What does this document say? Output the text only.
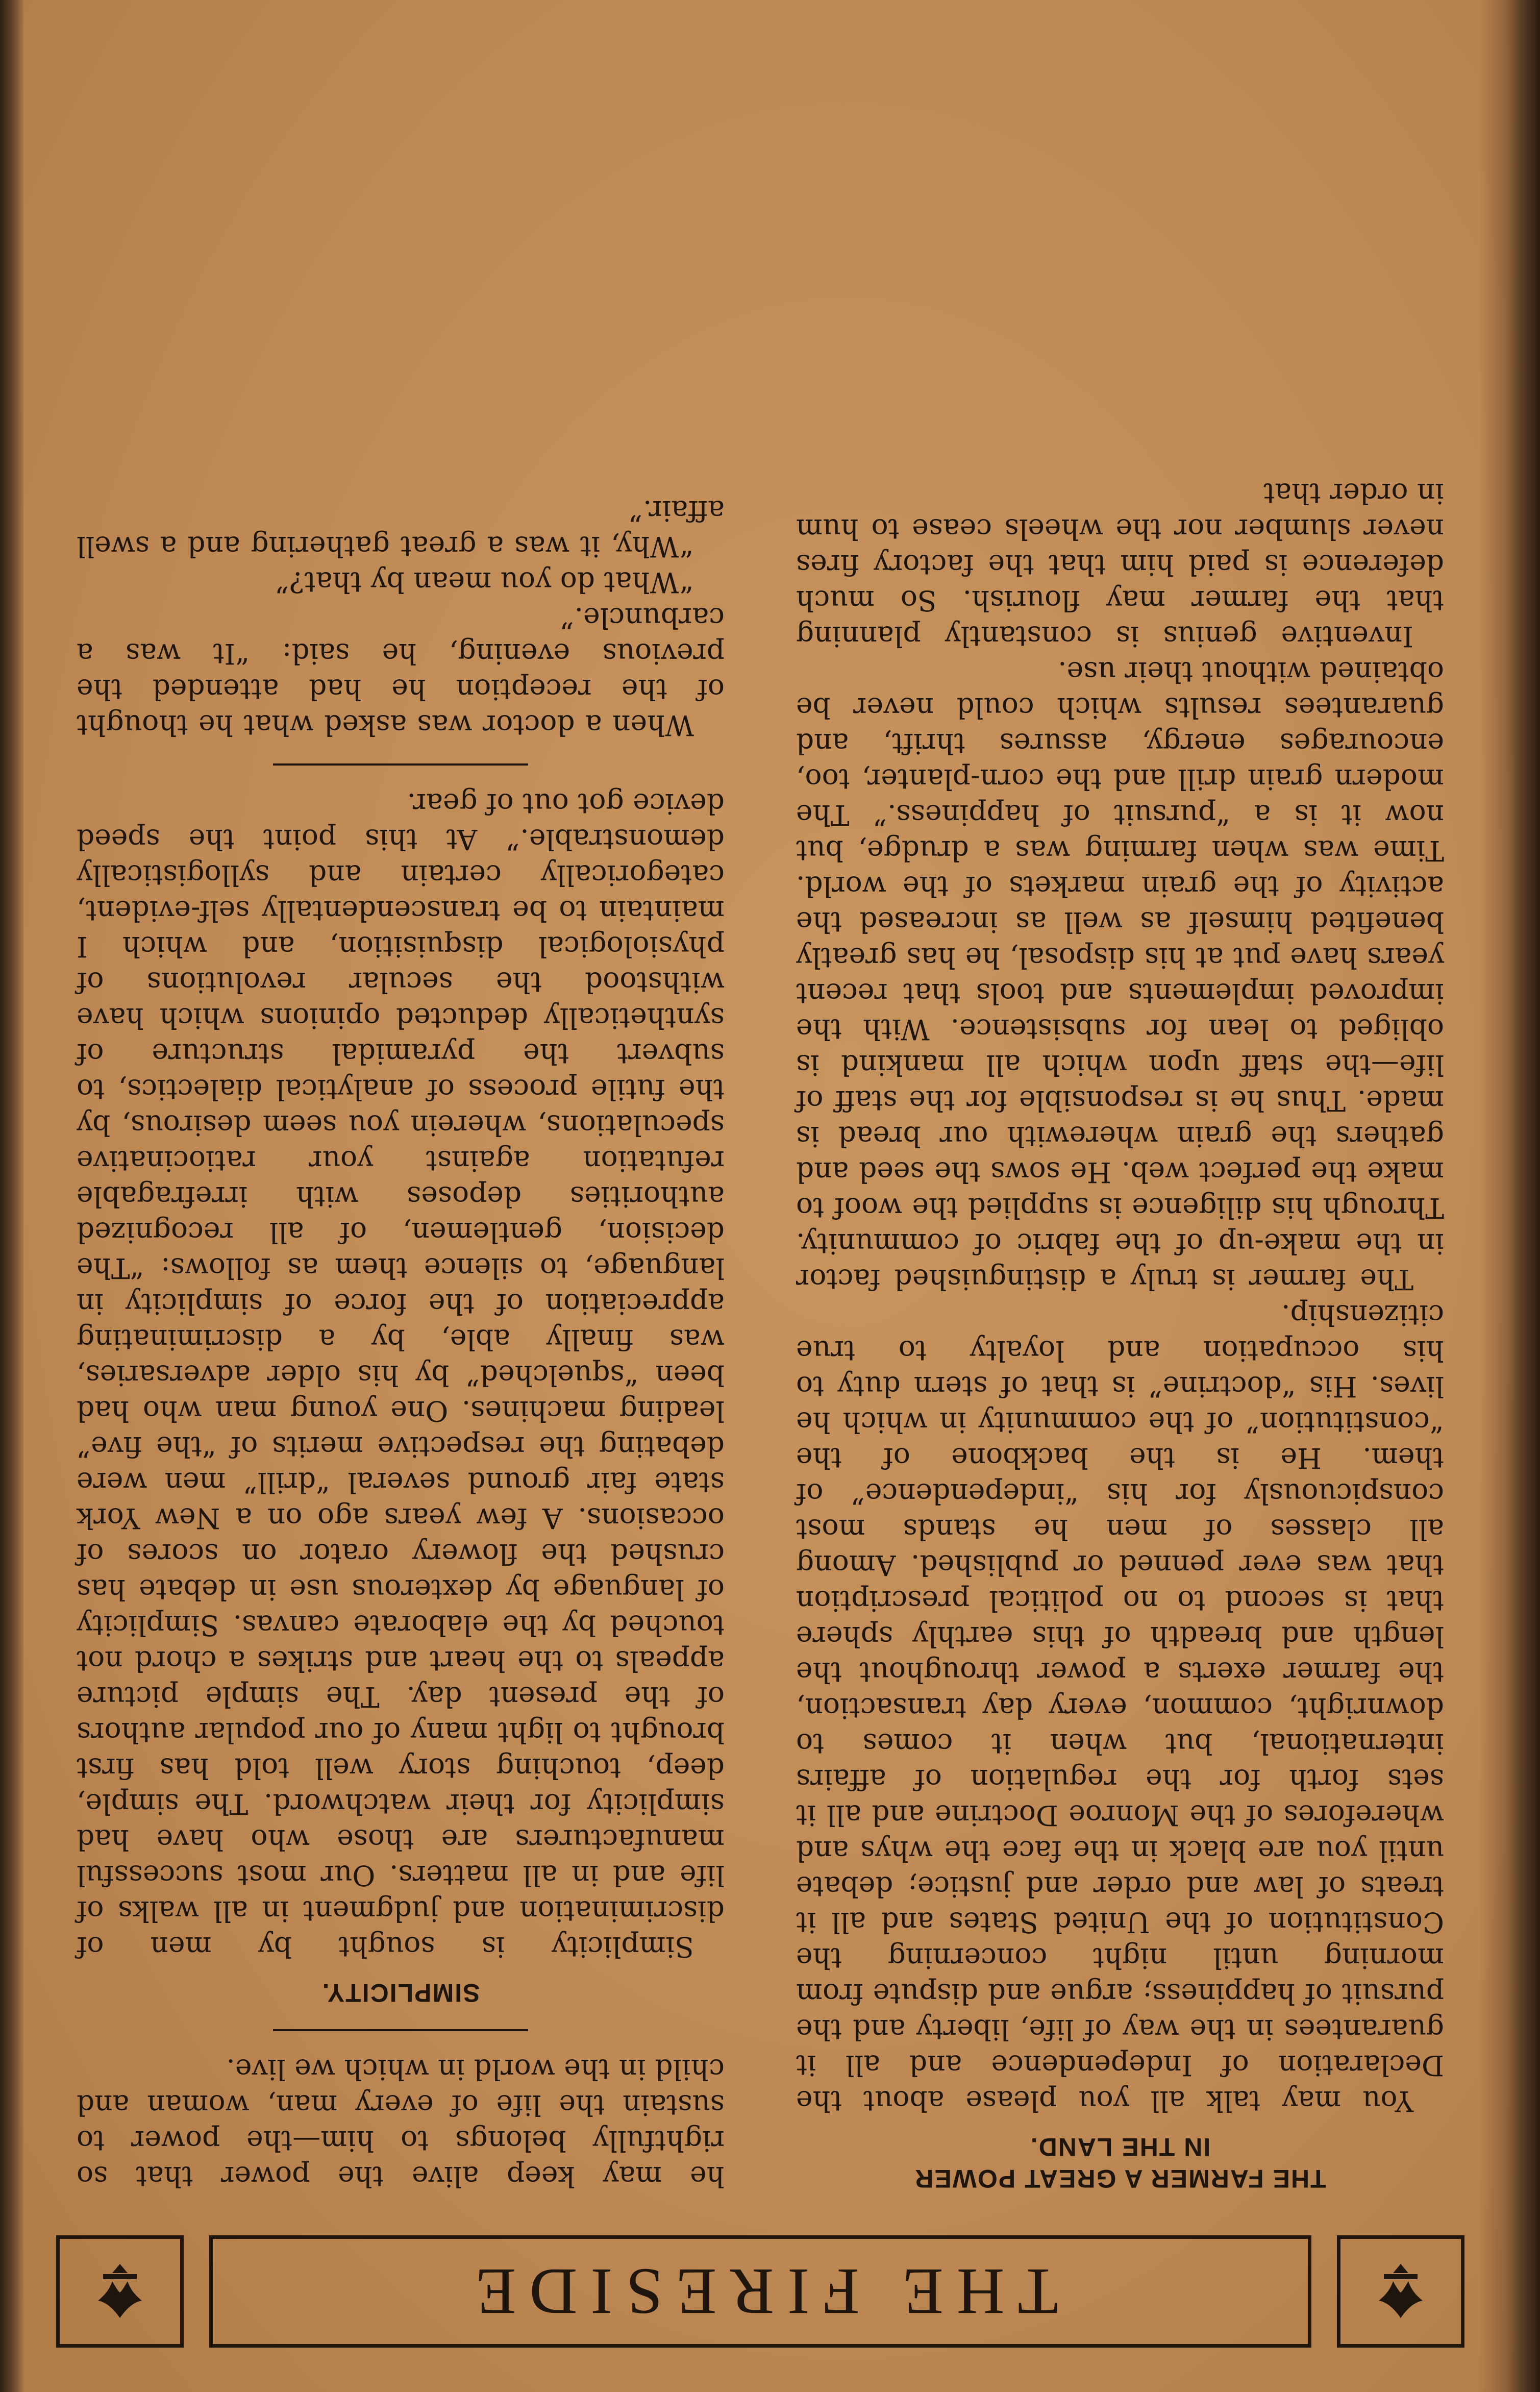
THE FIRESIDE
THE FARMER A GREAT POWER
IN THE LAND.

You may talk all you please about the Declaration of Independence and all it guarantees in the way of life, liberty and the pursuit of happiness; argue and dispute from morning until night concerning the Constitution of the United States and all it treats of law and order and justice; debate until you are black in the face the whys and wherefores of the Monroe Doctrine and all it sets forth for the regulation of affairs international, but when it comes to downright, common, every day transaction, the farmer exerts a power throughout the length and breadth of this earthly sphere that is second to no political prescription that was ever penned or published. Among all classes of men he stands most conspicuously for his “independence” of them. He is the backbone of the “constitution” of the community in which he lives. His “doctrine” is that of stern duty to his occupation and loyalty to true citizenship.

The farmer is truly a distinguished factor in the make-up of the fabric of community. Through his diligence is supplied the woof to make the perfect web. He sows the seed and gathers the grain wherewith our bread is made. Thus he is responsible for the staff of life—the staff upon which all mankind is obliged to lean for subsistence. With the improved implements and tools that recent years have put at his disposal, he has greatly benefited himself as well as increased the activity of the grain markets of the world. Time was when farming was a drudge, but now it is a “pursuit of happiness.” The modern grain drill and the corn-planter, too, encourages energy, assures thrift, and guarantees results which could never be obtained without their use.

Inventive genius is constantly planning that the farmer may flourish. So much deference is paid him that the factory fires never slumber nor the wheels cease to hum in order that

he may keep alive the power that so rightfully belongs to him—the power to sustain the life of every man, woman and child in the world in which we live.

SIMPLICITY.

Simplicity is sought by men of discrimination and judgment in all walks of life and in all matters. Our most successful manufacturers are those who have had simplicity for their watchword. The simple, deep, touching story well told has first brought to light many of our popular authors of the present day. The simple picture appeals to the heart and strikes a chord not touched by the elaborate canvas. Simplicity of language by dexterous use in debate has crushed the flowery orator on scores of occasions. A few years ago on a New York state fair ground several “drill” men were debating the respective merits of “the five” leading machines. One young man who had been “squelched” by his older adversaries, was finally able, by a discriminating appreciation of the force of simplicity in language, to silence them as follows: “The decision, gentlemen, of all recognized authorities deposes with irrefragable refutation against your ratiocinative speculations, wherein you seem desirous, by the futile process of analytical dialectics, to subvert the pyramidal structure of synthetically deducted opinions which have withstood the secular revolutions of physiological disquisition, and which I maintain to be transcendentally self-evident, categorically certain and syllogistically demonstrable.” At this point the speed device got out of gear.

When a doctor was asked what he thought of the reception he had attended the previous evening, he said: “It was a carbuncle.”

“What do you mean by that?”

“Why, it was a great gathering and a swell affair.”
